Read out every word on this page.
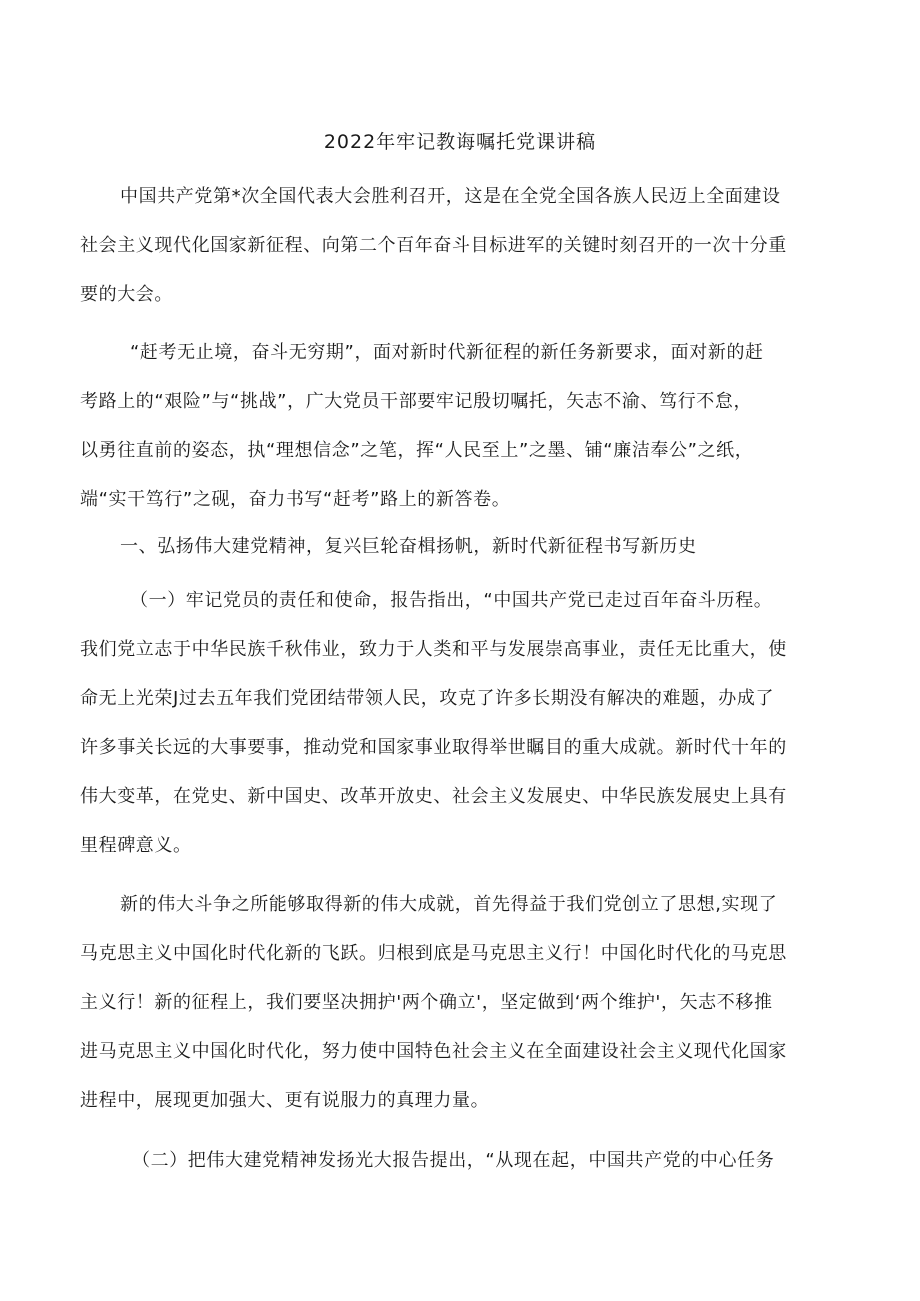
2022年牢记教诲嘱托党课讲稿
中国共产党第*次全国代表大会胜利召开，这是在全党全国各族人民迈上全面建设
社会主义现代化国家新征程、向第二个百年奋斗目标进军的关键时刻召开的一次十分重
要的大会。
“赶考无止境，奋斗无穷期”，面对新时代新征程的新任务新要求，面对新的赶
考路上的“艰险”与“挑战”，广大党员干部要牢记殷切嘱托，矢志不渝、笃行不怠，
以勇往直前的姿态，执“理想信念”之笔，挥“人民至上”之墨、铺“廉洁奉公”之纸，
端“实干笃行”之砚，奋力书写“赶考”路上的新答卷。
一、弘扬伟大建党精神，复兴巨轮奋楫扬帆，新时代新征程书写新历史
（一）牢记党员的责任和使命，报告指出，“中国共产党已走过百年奋斗历程。
我们党立志于中华民族千秋伟业，致力于人类和平与发展崇高事业，责任无比重大，使
命无上光荣J过去五年我们党团结带领人民，攻克了许多长期没有解决的难题，办成了
许多事关长远的大事要事，推动党和国家事业取得举世瞩目的重大成就。新时代十年的
伟大变革，在党史、新中国史、改革开放史、社会主义发展史、中华民族发展史上具有
里程碑意义。
新的伟大斗争之所能够取得新的伟大成就，首先得益于我们党创立了思想,实现了
马克思主义中国化时代化新的飞跃。归根到底是马克思主义行！中国化时代化的马克思
主义行！新的征程上，我们要坚决拥护'两个确立'，坚定做到‘两个维护'，矢志不移推
进马克思主义中国化时代化，努力使中国特色社会主义在全面建设社会主义现代化国家
进程中，展现更加强大、更有说服力的真理力量。
（二）把伟大建党精神发扬光大报告提出，“从现在起，中国共产党的中心任务
